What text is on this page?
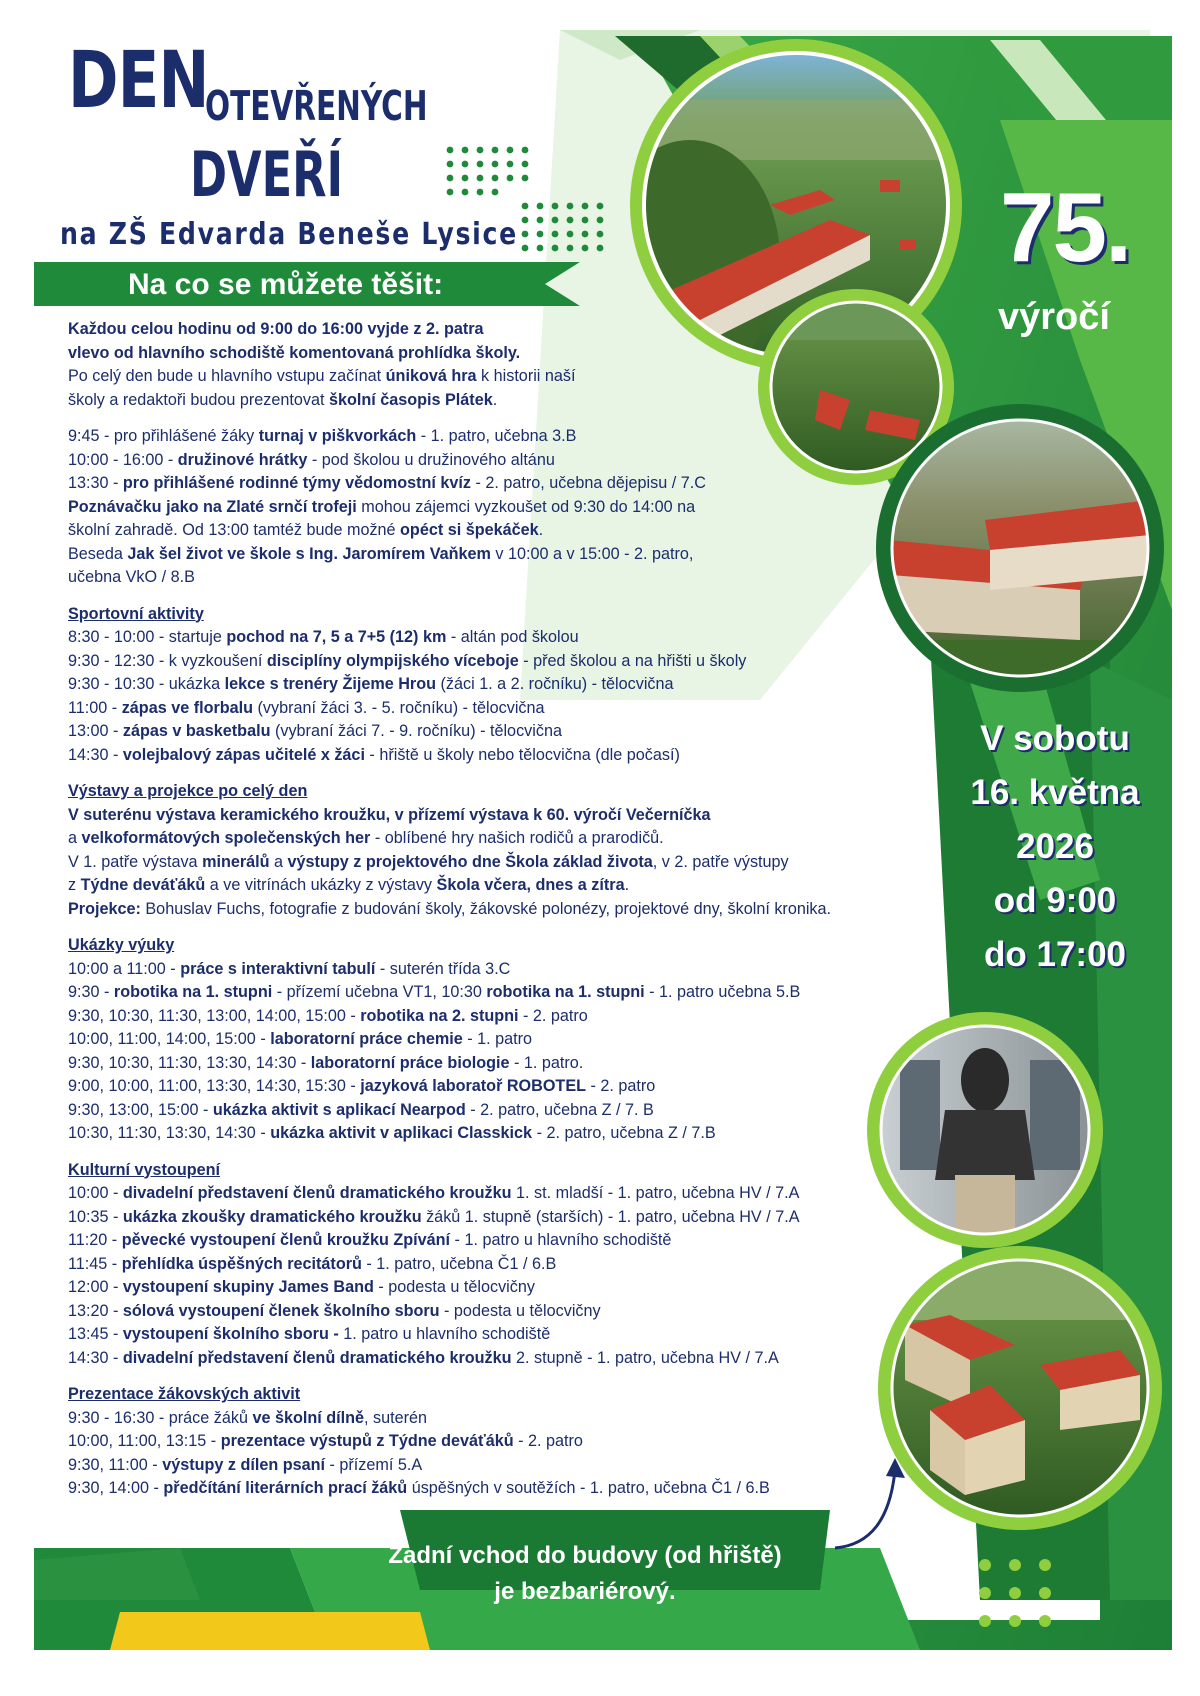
DEN
OTEVŘENÝCH
DVEŘÍ
na ZŠ Edvarda Beneše Lysice
Na co se můžete těšit:

Každou celou hodinu od 9:00 do 16:00 vyjde z 2. patra

vlevo od hlavního schodiště komentovaná prohlídka školy.

Po celý den bude u hlavního vstupu začínat úniková hra k historii naší

školy a redaktoři budou prezentovat školní časopis Plátek.

9:45 - pro přihlášené žáky turnaj v piškvorkách - 1. patro, učebna 3.B

10:00 - 16:00 - družinové hrátky - pod školou u družinového altánu

13:30 - pro přihlášené rodinné týmy vědomostní kvíz - 2. patro, učebna dějepisu / 7.C

Poznávačku jako na Zlaté srnčí trofeji mohou zájemci vyzkoušet od 9:30 do 14:00 na

školní zahradě. Od 13:00 tamtéž bude možné opéct si špekáček.

Beseda Jak šel život ve škole s Ing. Jaromírem Vaňkem v 10:00 a v 15:00 - 2. patro,

učebna VkO / 8.B

Sportovní aktivity

8:30 - 10:00 - startuje pochod na 7, 5 a 7+5 (12) km - altán pod školou

9:30 - 12:30 - k vyzkoušení disciplíny olympijského víceboje - před školou a na hřišti u školy

9:30 - 10:30 - ukázka lekce s trenéry Žijeme Hrou (žáci 1. a 2. ročníku) - tělocvična

11:00 - zápas ve florbalu (vybraní žáci 3. - 5. ročníku) - tělocvična

13:00 - zápas v basketbalu (vybraní žáci 7. - 9. ročníku) - tělocvična

14:30 - volejbalový zápas učitelé x žáci - hřiště u školy nebo tělocvična (dle počasí)

Výstavy a projekce po celý den

V suterénu výstava keramického kroužku, v přízemí výstava k 60. výročí Večerníčka

a velkoformátových společenských her - oblíbené hry našich rodičů a prarodičů.

V 1. patře výstava minerálů a výstupy z projektového dne Škola základ života, v 2. patře výstupy

z Týdne deváťáků a ve vitrínách ukázky z výstavy Škola včera, dnes a zítra.

Projekce: Bohuslav Fuchs, fotografie z budování školy, žákovské polonézy, projektové dny, školní kronika.

Ukázky výuky

10:00 a 11:00 - práce s interaktivní tabulí - suterén třída 3.C

9:30 - robotika na 1. stupni - přízemí učebna VT1, 10:30 robotika na 1. stupni - 1. patro učebna 5.B

9:30, 10:30, 11:30, 13:00, 14:00, 15:00 - robotika na 2. stupni - 2. patro

10:00, 11:00, 14:00, 15:00 - laboratorní práce chemie - 1. patro

9:30, 10:30, 11:30, 13:30, 14:30 - laboratorní práce biologie - 1. patro.

9:00, 10:00, 11:00, 13:30, 14:30, 15:30 - jazyková laboratoř ROBOTEL - 2. patro

9:30, 13:00, 15:00 - ukázka aktivit s aplikací Nearpod - 2. patro, učebna Z / 7. B

10:30, 11:30, 13:30, 14:30 - ukázka aktivit v aplikaci Classkick - 2. patro, učebna Z / 7.B

Kulturní vystoupení

10:00 - divadelní představení členů dramatického kroužku 1. st. mladší - 1. patro, učebna HV / 7.A

10:35 - ukázka zkoušky dramatického kroužku žáků 1. stupně (starších) - 1. patro, učebna HV / 7.A

11:20 - pěvecké vystoupení členů kroužku Zpívání - 1. patro u hlavního schodiště

11:45 - přehlídka úspěšných recitátorů - 1. patro, učebna Č1 / 6.B

12:00 - vystoupení skupiny James Band - podesta u tělocvičny

13:20 - sólová vystoupení členek školního sboru - podesta u tělocvičny

13:45 - vystoupení školního sboru - 1. patro u hlavního schodiště

14:30 - divadelní představení členů dramatického kroužku 2. stupně - 1. patro, učebna HV / 7.A

Prezentace žákovských aktivit

9:30 - 16:30 - práce žáků ve školní dílně, suterén

10:00, 11:00, 13:15 - prezentace výstupů z Týdne deváťáků - 2. patro

9:30, 11:00 - výstupy z dílen psaní - přízemí 5.A

9:30, 14:00 - předčítání literárních prací žáků úspěšných v soutěžích - 1. patro, učebna Č1 / 6.B

75.
výročí
V sobotu
16. května
2026
od 9:00
do 17:00
Zadní vchod do budovy (od hřiště)
je bezbariérový.
